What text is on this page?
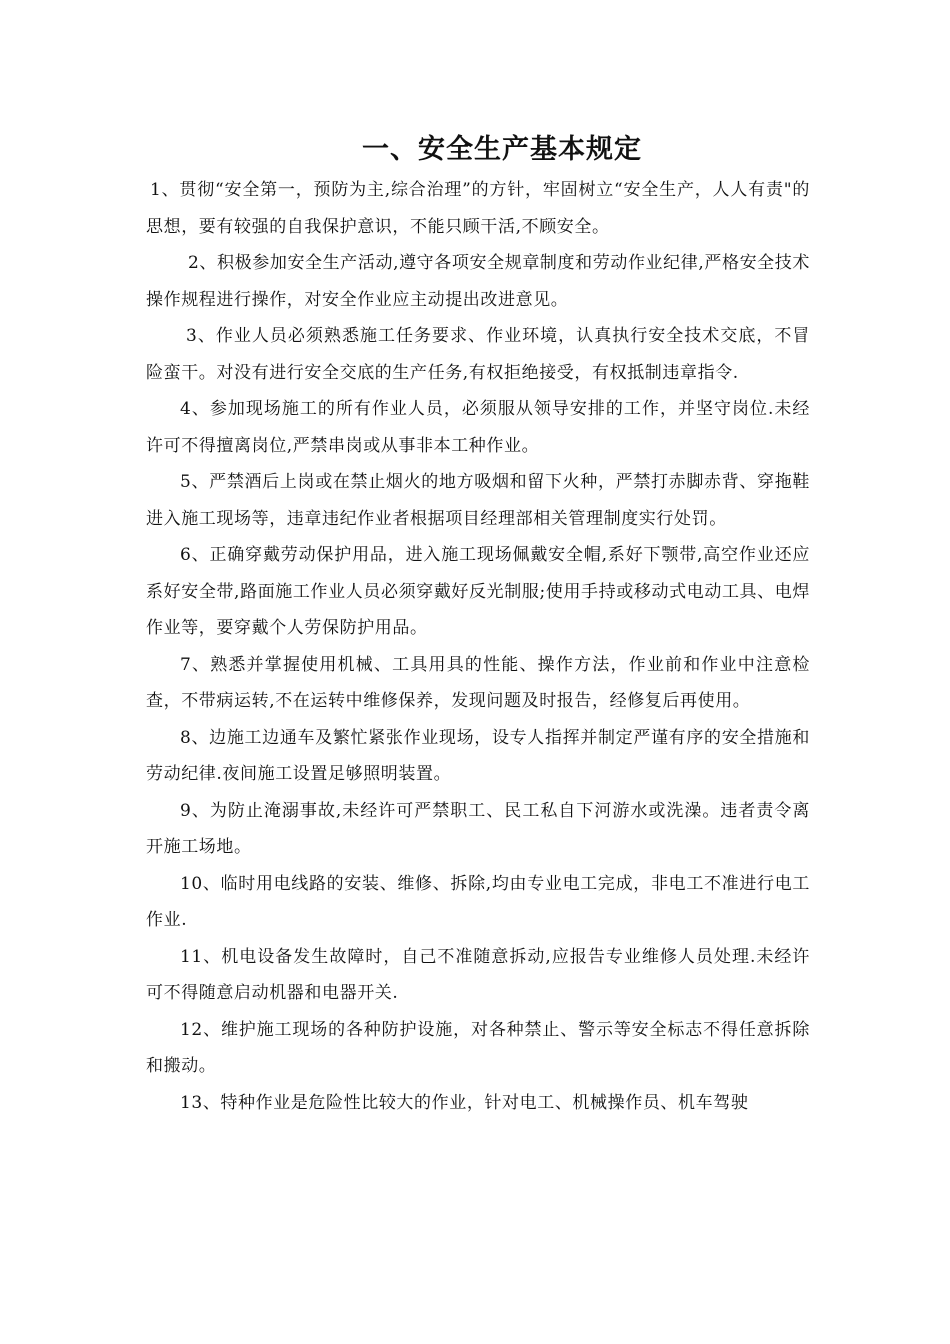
一、安全生产基本规定

1、贯彻“安全第一，预防为主,综合治理”的方针，牢固树立“安全生产，人人有责"的思想，要有较强的自我保护意识，不能只顾干活,不顾安全。

2、积极参加安全生产活动,遵守各项安全规章制度和劳动作业纪律,严格安全技术操作规程进行操作，对安全作业应主动提出改进意见。

3、作业人员必须熟悉施工任务要求、作业环境，认真执行安全技术交底，不冒险蛮干。对没有进行安全交底的生产任务,有权拒绝接受，有权抵制违章指令.

4、参加现场施工的所有作业人员，必须服从领导安排的工作，并坚守岗位.未经许可不得擅离岗位,严禁串岗或从事非本工种作业。

5、严禁酒后上岗或在禁止烟火的地方吸烟和留下火种，严禁打赤脚赤背、穿拖鞋进入施工现场等，违章违纪作业者根据项目经理部相关管理制度实行处罚。

6、正确穿戴劳动保护用品，进入施工现场佩戴安全帽,系好下颚带,高空作业还应系好安全带,路面施工作业人员必须穿戴好反光制服;使用手持或移动式电动工具、电焊作业等，要穿戴个人劳保防护用品。

7、熟悉并掌握使用机械、工具用具的性能、操作方法，作业前和作业中注意检查，不带病运转,不在运转中维修保养，发现问题及时报告，经修复后再使用。

8、边施工边通车及繁忙紧张作业现场，设专人指挥并制定严谨有序的安全措施和劳动纪律.夜间施工设置足够照明装置。

9、为防止淹溺事故,未经许可严禁职工、民工私自下河游水或洗澡。违者责令离开施工场地。

10、临时用电线路的安装、维修、拆除,均由专业电工完成，非电工不准进行电工作业.

11、机电设备发生故障时，自己不准随意拆动,应报告专业维修人员处理.未经许可不得随意启动机器和电器开关.

12、维护施工现场的各种防护设施，对各种禁止、警示等安全标志不得任意拆除和搬动。

13、特种作业是危险性比较大的作业，针对电工、机械操作员、机车驾驶
